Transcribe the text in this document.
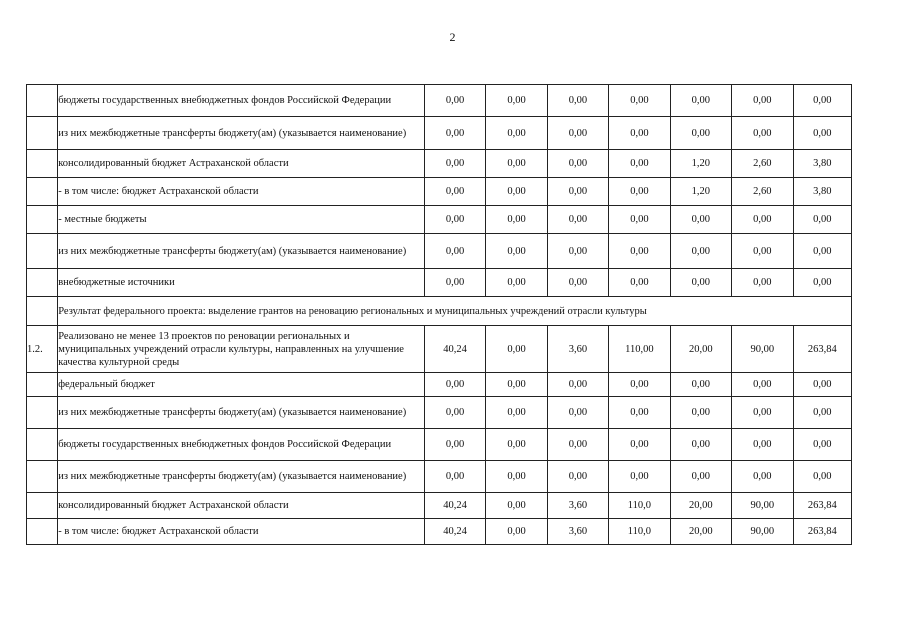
2
	бюджеты государственных внебюджетных фондов Российской Федерации	0,00	0,00	0,00	0,00	0,00	0,00	0,00
	из них межбюджетные трансферты бюджету(ам) (указывается наименование)	0,00	0,00	0,00	0,00	0,00	0,00	0,00
	консолидированный бюджет Астраханской области	0,00	0,00	0,00	0,00	1,20	2,60	3,80
	- в том числе: бюджет Астраханской области	0,00	0,00	0,00	0,00	1,20	2,60	3,80
	- местные бюджеты	0,00	0,00	0,00	0,00	0,00	0,00	0,00
	из них межбюджетные трансферты бюджету(ам) (указывается наименование)	0,00	0,00	0,00	0,00	0,00	0,00	0,00
	внебюджетные источники	0,00	0,00	0,00	0,00	0,00	0,00	0,00
	Результат федерального проекта: выделение грантов на реновацию региональных и муниципальных учреждений отрасли культуры							
1.2.	Реализовано не менее 13 проектов по реновации региональных и муниципальных учреждений отрасли культуры, направленных на улучшение качества культурной среды	40,24	0,00	3,60	110,00	20,00	90,00	263,84
	федеральный бюджет	0,00	0,00	0,00	0,00	0,00	0,00	0,00
	из них межбюджетные трансферты бюджету(ам) (указывается наименование)	0,00	0,00	0,00	0,00	0,00	0,00	0,00
	бюджеты государственных внебюджетных фондов Российской Федерации	0,00	0,00	0,00	0,00	0,00	0,00	0,00
	из них межбюджетные трансферты бюджету(ам) (указывается наименование)	0,00	0,00	0,00	0,00	0,00	0,00	0,00
	консолидированный бюджет Астраханской области	40,24	0,00	3,60	110,0	20,00	90,00	263,84
	- в том числе: бюджет Астраханской области	40,24	0,00	3,60	110,0	20,00	90,00	263,84
